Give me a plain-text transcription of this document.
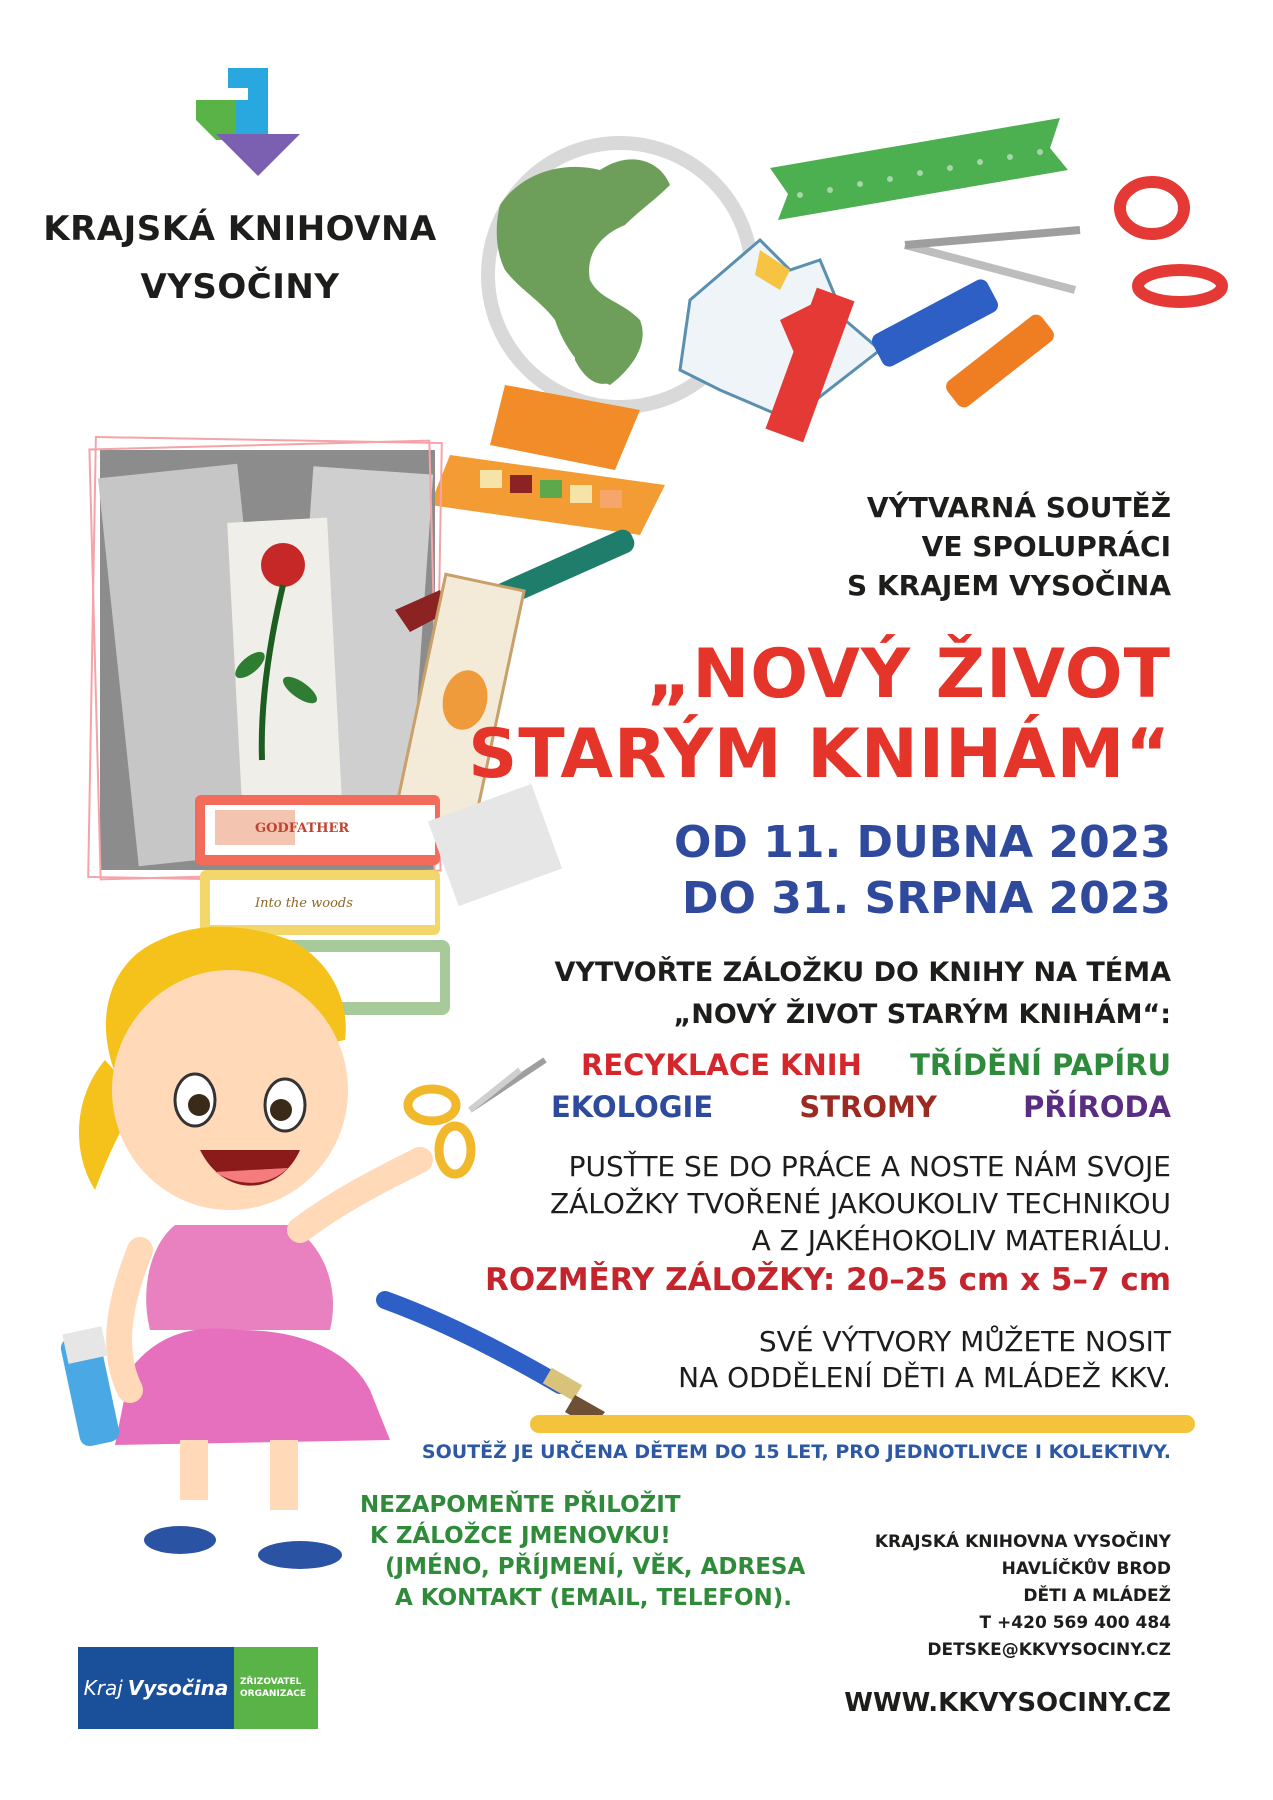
GODFATHER
Into the woods
KRAJSKÁ KNIHOVNA
VYSOČINY
VÝTVARNÁ SOUTĚŽ
VE SPOLUPRÁCI
S KRAJEM VYSOČINA
„NOVÝ ŽIVOT
STARÝM KNIHÁM“
OD 11. DUBNA 2023
DO 31. SRPNA 2023
VYTVOŘTE ZÁLOŽKU DO KNIHY NA TÉMA
„NOVÝ ŽIVOT STARÝM KNIHÁM“:
RECYKLACE KNIH TŘÍDĚNÍ PAPÍRU
EKOLOGIE	STROMY	PŘÍRODA
PUSŤTE SE DO PRÁCE A NOSTE NÁM SVOJE
ZÁLOŽKY TVOŘENÉ JAKOUKOLIV TECHNIKOU
A Z JAKÉHOKOLIV MATERIÁLU.
ROZMĚRY ZÁLOŽKY: 20–25 cm x 5–7 cm
SVÉ VÝTVORY MŮŽETE NOSIT
NA ODDĚLENÍ DĚTI A MLÁDEŽ KKV.
SOUTĚŽ JE URČENA DĚTEM DO 15 LET, PRO JEDNOTLIVCE I KOLEKTIVY.
NEZAPOMEŇTE PŘILOŽIT
K ZÁLOŽCE JMENOVKU!
(JMÉNO, PŘÍJMENÍ, VĚK, ADRESA
A KONTAKT (EMAIL, TELEFON).
KRAJSKÁ KNIHOVNA VYSOČINY
HAVLÍČKŮV BROD
DĚTI A MLÁDEŽ
T +420 569 400 484
DETSKE@KKVYSOCINY.CZ
WWW.KKVYSOCINY.CZ
Kraj Vysočina ZŘIZOVATEL
ORGANIZACE
